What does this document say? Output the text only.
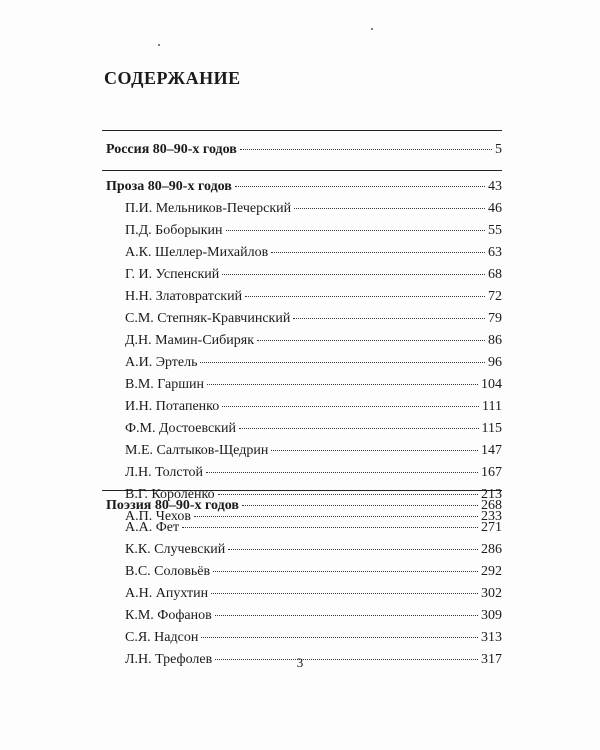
СОДЕРЖАНИЕ
Россия 80–90-х годов	5
Проза 80–90-х годов	43
П.И. Мельников-Печерский	46
П.Д. Боборыкин	55
А.К. Шеллер-Михайлов	63
Г. И. Успенский	68
Н.Н. Златовратский	72
С.М. Степняк-Кравчинский	79
Д.Н. Мамин-Сибиряк	86
А.И. Эртель	96
В.М. Гаршин	104
И.Н. Потапенко	111
Ф.М. Достоевский	115
М.Е. Салтыков-Щедрин	147
Л.Н. Толстой	167
В.Г. Короленко	213
А.П. Чехов	233
Поэзия 80–90-х годов	268
А.А. Фет	271
К.К. Случевский	286
В.С. Соловьёв	292
А.Н. Апухтин	302
К.М. Фофанов	309
С.Я. Надсон	313
Л.Н. Трефолев	317
3
